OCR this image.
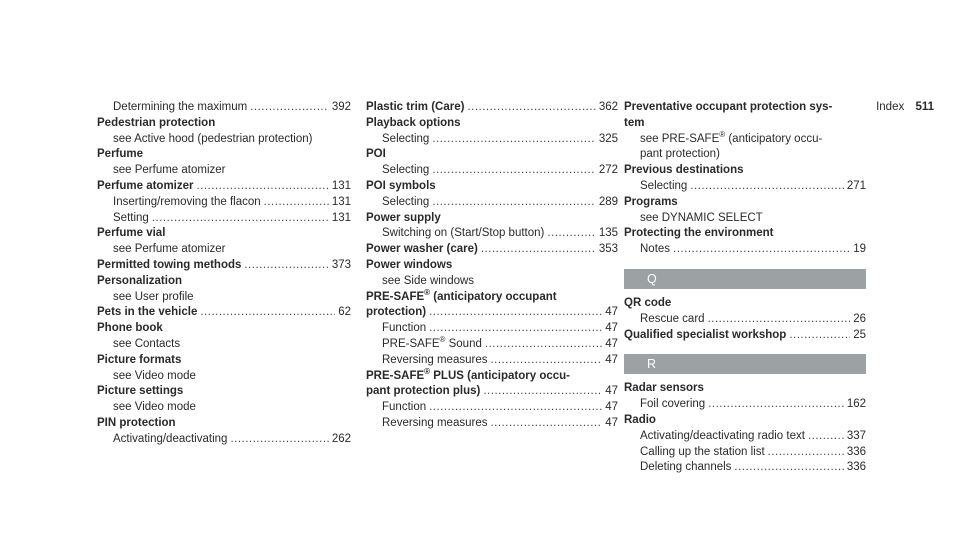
Index 511
Determining the maximum .....	392
Pedestrian protection
see Active hood (pedestrian protection)
Perfume
see Perfume atomizer
Perfume atomizer .....	131
Inserting/removing the flacon .....	131
Setting .....	131
Perfume vial
see Perfume atomizer
Permitted towing methods .....	373
Personalization
see User profile
Pets in the vehicle .....	62
Phone book
see Contacts
Picture formats
see Video mode
Picture settings
see Video mode
PIN protection
Activating/deactivating .....	262
Plastic trim (Care) .....	362
Playback options
Selecting .....	325
POI
Selecting .....	272
POI symbols
Selecting .....	289
Power supply
Switching on (Start/Stop button) .....	135
Power washer (care) .....	353
Power windows
see Side windows
PRE-SAFE® (anticipatory occupant
protection) .....	47
Function .....	47
PRE-SAFE® Sound .....	47
Reversing measures .....	47
PRE-SAFE® PLUS (anticipatory occu-
pant protection plus) .....	47
Function .....	47
Reversing measures .....	47
Preventative occupant protection sys-
tem
see PRE-SAFE® (anticipatory occu-
pant protection)
Previous destinations
Selecting .....	271
Programs
see DYNAMIC SELECT
Protecting the environment
Notes .....	19
Q
QR code
Rescue card .....	26
Qualified specialist workshop .....	25
R
Radar sensors
Foil covering .....	162
Radio
Activating/deactivating radio text .....	337
Calling up the station list .....	336
Deleting channels .....	336
